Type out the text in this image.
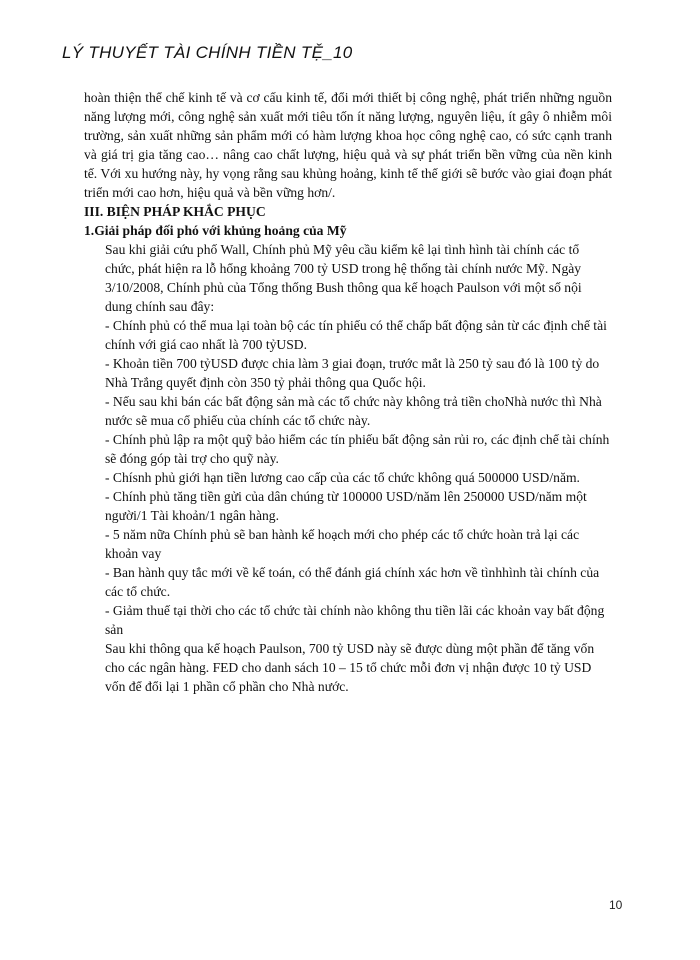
LÝ THUYẾT TÀI CHÍNH TIỀN TỆ_10

hoàn thiện thể chế kinh tế và cơ cấu kinh tế, đổi mới thiết bị công nghệ, phát triển những nguồn năng lượng mới, công nghệ sản xuất mới tiêu tốn ít năng lượng, nguyên liệu, ít gây ô nhiễm môi trường, sản xuất những sản phẩm mới có hàm lượng khoa học công nghệ cao, có sức cạnh tranh và giá trị gia tăng cao… nâng cao chất lượng, hiệu quả và sự phát triển bền vững của nền kinh tế. Với xu hướng này, hy vọng rằng sau khủng hoảng, kinh tế thế giới sẽ bước vào giai đoạn phát triển mới cao hơn, hiệu quả và bền vững hơn/.

III. BIỆN PHÁP KHẮC PHỤC

1.Giải pháp đối phó với khủng hoảng của Mỹ

Sau khi giải cứu phố Wall, Chính phủ Mỹ yêu cầu kiểm kê lại tình hình tài chính các tổ chức, phát hiện ra lỗ hổng khoảng 700 tỷ USD trong hệ thống tài chính nước Mỹ. Ngày 3/10/2008, Chính phủ của Tổng thống Bush thông qua kế hoạch Paulson với một số nội dung chính sau đây:

- Chính phủ có thể mua lại toàn bộ các tín phiếu có thể chấp bất động sản từ các định chế tài chính với giá cao nhất là 700 tỷUSD.

- Khoản tiền 700 tỷUSD được chia làm 3 giai đoạn, trước mắt là 250 tỷ sau đó là 100 tỷ do Nhà Trắng quyết định còn 350 tỷ phải thông qua Quốc hội.

- Nếu sau khi bán các bất động sản mà các tổ chức này không trả tiền choNhà nước thì Nhà nước sẽ mua cổ phiếu của chính các tổ chức này.

- Chính phủ lập ra một quỹ bảo hiểm các tín phiếu bất động sản rủi ro, các định chế tài chính sẽ đóng góp tài trợ cho quỹ này.

- Chísnh phủ giới hạn tiền lương cao cấp của các tổ chức không quá 500000 USD/năm.

- Chính phủ tăng tiền gửi của dân chúng từ 100000 USD/năm lên 250000 USD/năm một người/1 Tài khoản/1 ngân hàng.

- 5 năm nữa Chính phủ sẽ ban hành kế hoạch mới cho phép các tổ chức hoàn trả lại các khoản vay

- Ban hành quy tắc mới về kế toán, có thể đánh giá chính xác hơn về tìnhhình tài chính của các tổ chức.

- Giảm thuế tại thời cho các tổ chức tài chính nào không thu tiền lãi các khoản vay bất động sản

Sau khi thông qua kế hoạch Paulson, 700 tỷ USD này sẽ được dùng một phần để tăng vốn cho các ngân hàng. FED cho danh sách 10 – 15 tổ chức mỗi đơn vị nhận được 10 tỷ USD vốn để đổi lại 1 phần cổ phần cho Nhà nước.

10
